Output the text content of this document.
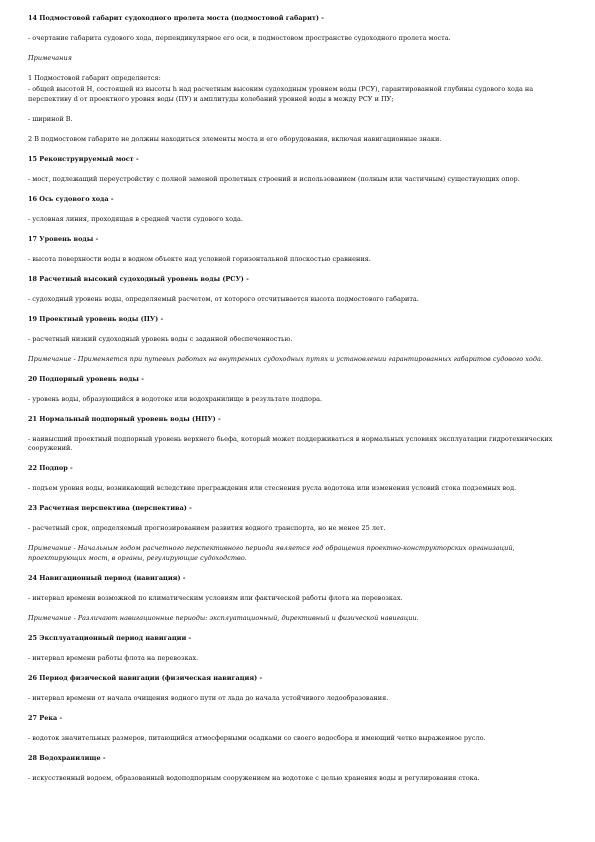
14 Подмостовой габарит судоходного пролета моста (подмостовой габарит) -

- очертание габарита судового хода, перпендикулярное его оси, в подмостовом пространстве судоходного пролета моста.

Примечания

1 Подмостовой габарит определяется:

- общей высотой Н, состоящей из высоты h над расчетным высоким судоходным уровнем воды (РСУ), гарантированной глубины судового хода на перспективу d от проектного уровня воды (ПУ) и амплитуды колебаний уровней воды в между РСУ и ПУ;

- шириной В.

2 В подмостовом габарите не должны находиться элементы моста и его оборудования, включая навигационные знаки.

15 Реконструируемый мост -

- мост, подлежащий переустройству с полной заменой пролетных строений и использованием (полным или частичным) существующих опор.

16 Ось судового хода -

- условная линия, проходящая в средней части судового хода.

17 Уровень воды -

- высота поверхности воды в водном объекте над условной горизонтальной плоскостью сравнения.

18 Расчетный высокий судоходный уровень воды (РСУ) -

- судоходный уровень воды, определяемый расчетом, от которого отсчитывается высота подмостового габарита.

19 Проектный уровень воды (ПУ) -

- расчетный низкий судоходный уровень воды с заданной обеспеченностью.

Примечание - Применяется при путевых работах на внутренних судоходных путях и установлении гарантированных габаритов судового хода.

20 Подпорный уровень воды -

- уровень воды, образующийся в водотоке или водохранилище в результате подпора.

21 Нормальный подпорный уровень воды (НПУ) -

- наивысший проектный подпорный уровень верхнего бьефа, который может поддерживаться в нормальных условиях эксплуатации гидротехнических сооружений.

22 Подпор -

- подъем уровня воды, возникающий вследствие преграждения или стеснения русла водотока или изменения условий стока подземных вод.

23 Расчетная перспектива (перспектива) -

- расчетный срок, определяемый прогнозированием развития водного транспорта, но не менее 25 лет.

Примечание - Начальным годом расчетного перспективного периода является год обращения проектно-конструкторских организаций, проектирующих мост, в органы, регулирующие судоходство.

24 Навигационный период (навигация) -

- интервал времени возможной по климатическим условиям или фактической работы флота на перевозках.

Примечание - Различают навигационные периоды: эксплуатационный, директивный и физической навигации.

25 Эксплуатационный период навигации -

- интервал времени работы флота на перевозках.

26 Период физической навигации (физическая навигация) -

- интервал времени от начала очищения водного пути от льда до начала устойчивого ледообразования.

27 Река -

- водоток значительных размеров, питающийся атмосферными осадками со своего водосбора и имеющий четко выраженное русло.

28 Водохранилище -

- искусственный водоем, образованный водоподпорным сооружением на водотоке с целью хранения воды и регулирования стока.
